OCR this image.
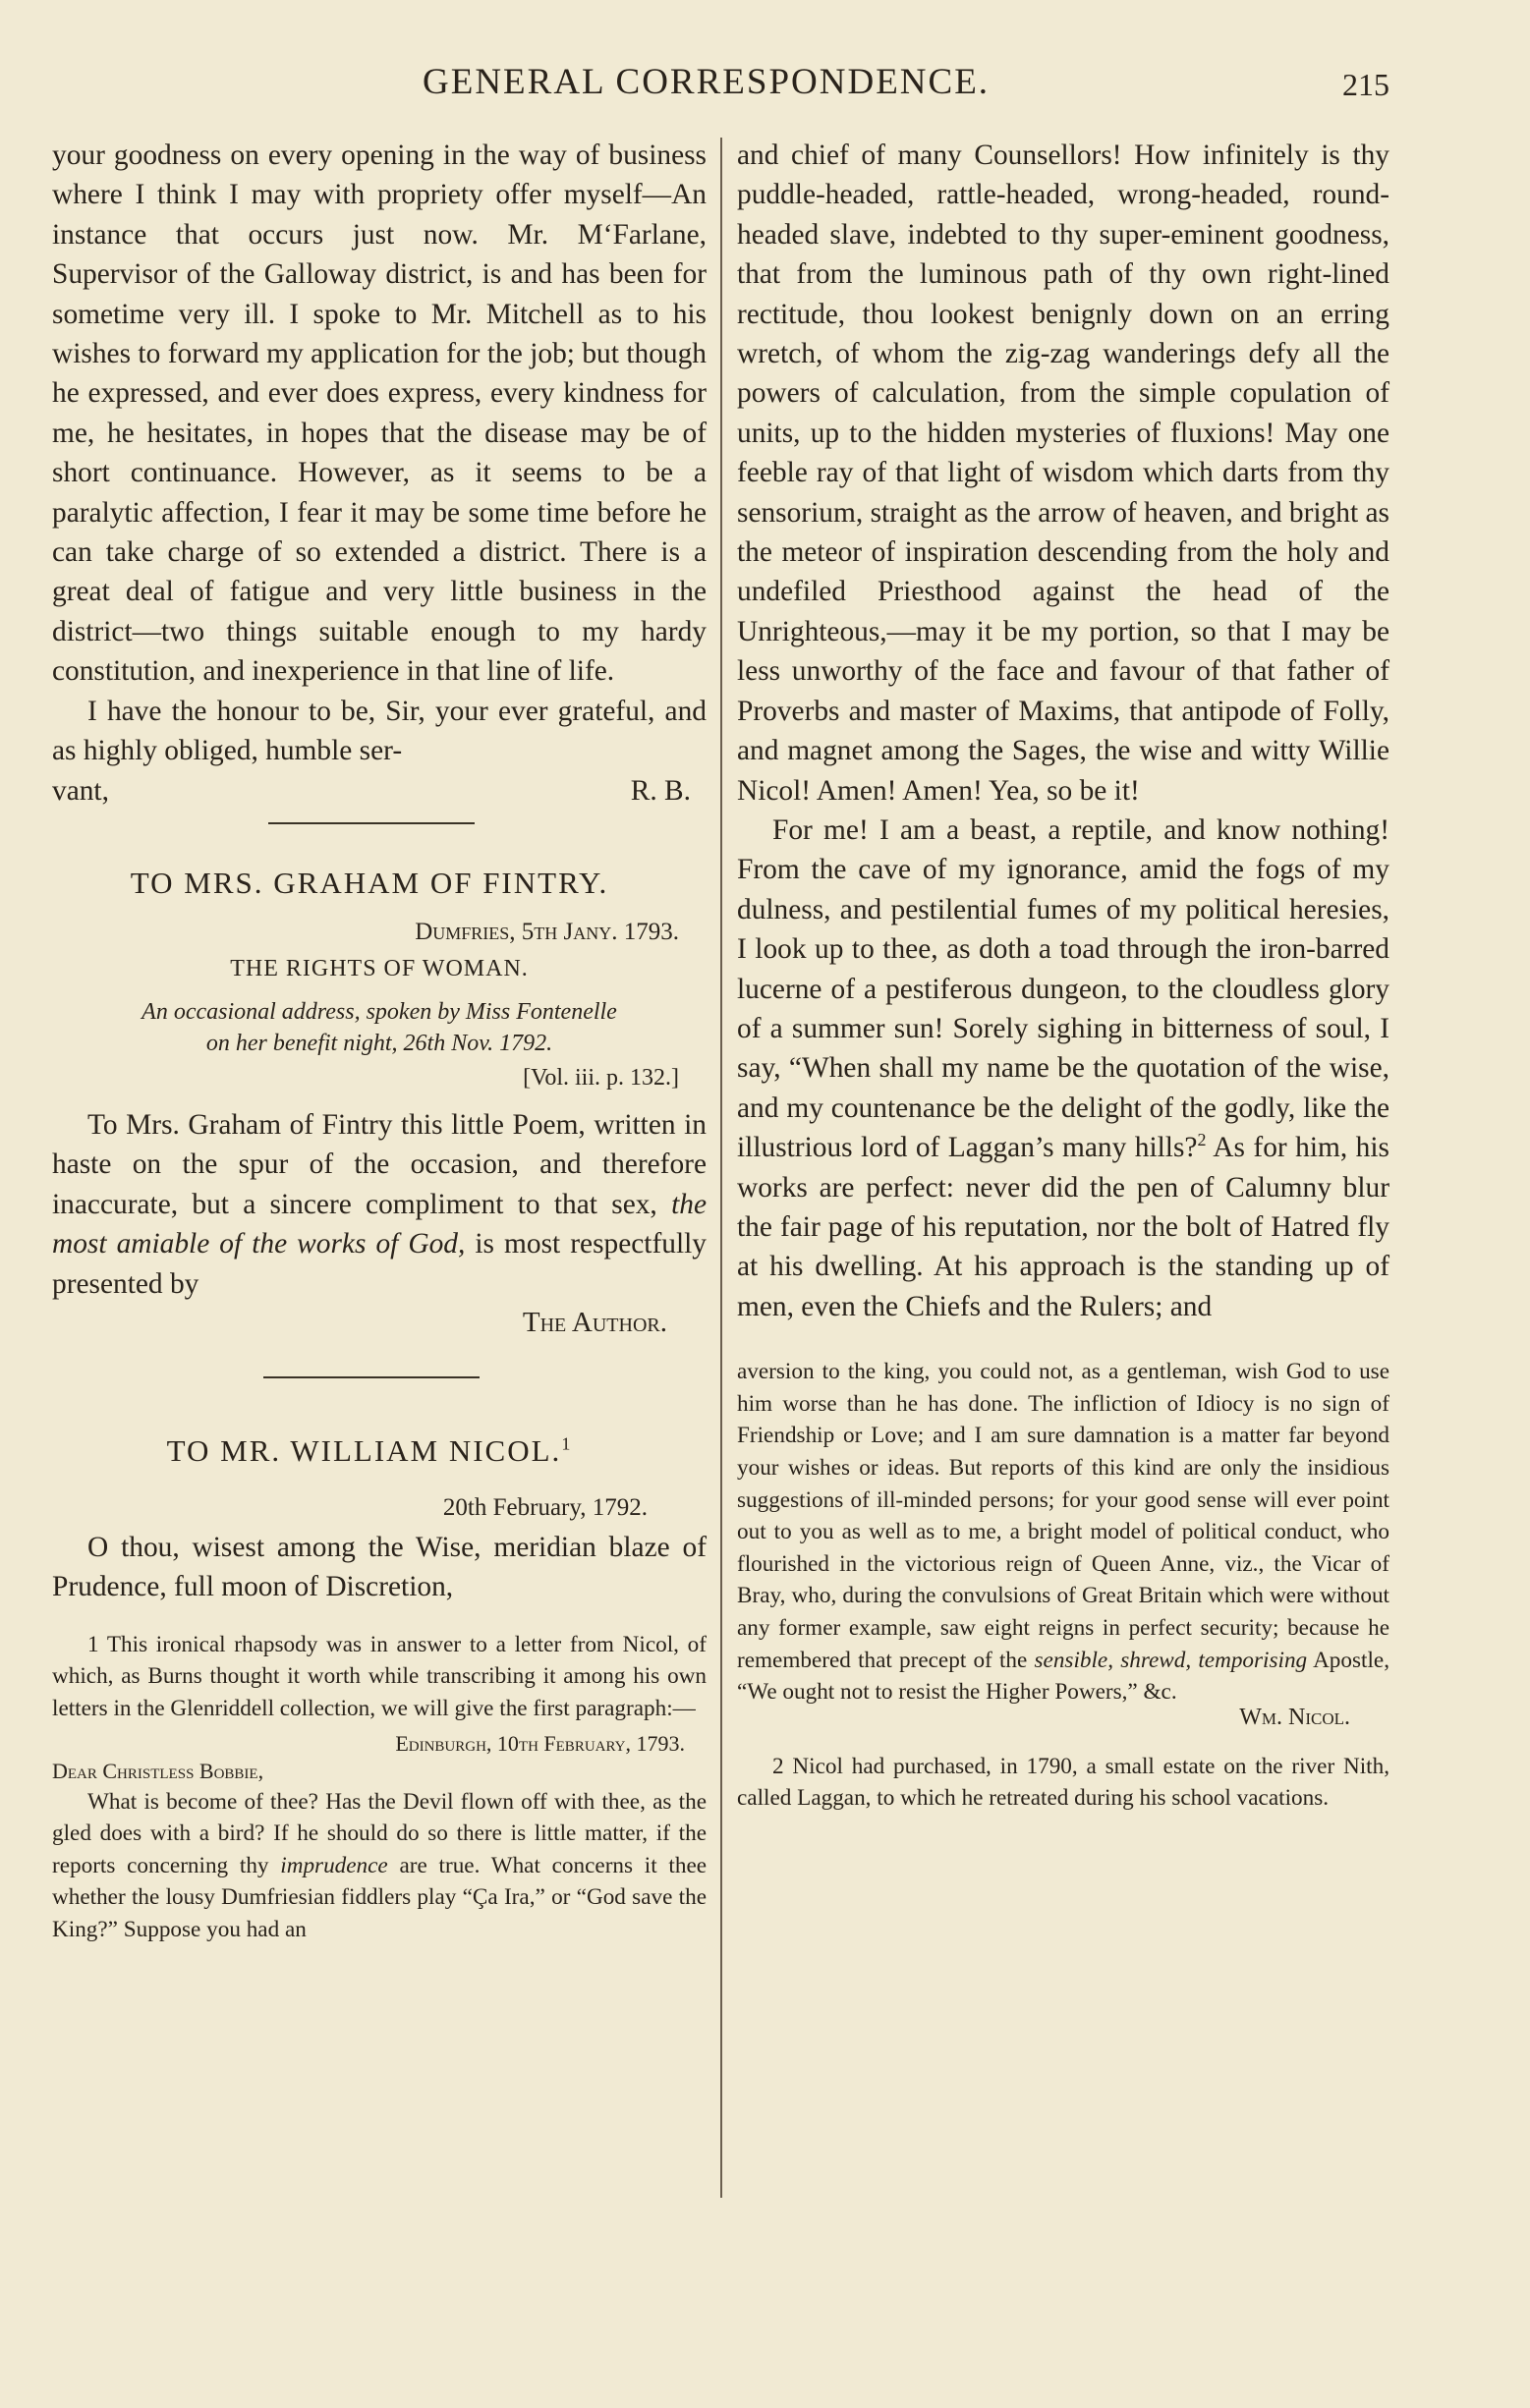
GENERAL CORRESPONDENCE.	215

your goodness on every opening in the way of business where I think I may with propriety offer myself—An instance that occurs just now. Mr. M‘Farlane, Supervisor of the Galloway district, is and has been for sometime very ill. I spoke to Mr. Mitchell as to his wishes to forward my application for the job; but though he expressed, and ever does express, every kindness for me, he hesitates, in hopes that the disease may be of short continuance. However, as it seems to be a paralytic affection, I fear it may be some time before he can take charge of so extended a district. There is a great deal of fatigue and very little business in the district—two things suitable enough to my hardy constitution, and inexperience in that line of life.

I have the honour to be, Sir, your ever grateful, and as highly obliged, humble ser-

vant,	R. B.
TO MRS. GRAHAM OF FINTRY.
Dumfries, 5th Jany. 1793.
THE RIGHTS OF WOMAN.
An occasional address, spoken by Miss Fontenelle
on her benefit night, 26th Nov. 1792.
[Vol. iii. p. 132.]

To Mrs. Graham of Fintry this little Poem, written in haste on the spur of the occasion, and therefore inaccurate, but a sincere compliment to that sex, the most amiable of the works of God, is most respectfully presented by

The Author.
TO MR. WILLIAM NICOL.$^1$
20th February, 1792.

O thou, wisest among the Wise, meridian blaze of Prudence, full moon of Discretion,

1 This ironical rhapsody was in answer to a letter from Nicol, of which, as Burns thought it worth while transcribing it among his own letters in the Glenriddell collection, we will give the first paragraph:—

Edinburgh, 10th February, 1793.
Dear Christless Bobbie,

What is become of thee? Has the Devil flown off with thee, as the gled does with a bird? If he should do so there is little matter, if the reports concerning thy imprudence are true. What concerns it thee whether the lousy Dumfriesian fiddlers play “Ça Ira,” or “God save the King?” Suppose you had an

and chief of many Counsellors! How infinitely is thy puddle-headed, rattle-headed, wrong-headed, round-headed slave, indebted to thy super-eminent goodness, that from the luminous path of thy own right-lined rectitude, thou lookest benignly down on an erring wretch, of whom the zig-zag wanderings defy all the powers of calculation, from the simple copulation of units, up to the hidden mysteries of fluxions! May one feeble ray of that light of wisdom which darts from thy sensorium, straight as the arrow of heaven, and bright as the meteor of inspiration descending from the holy and undefiled Priesthood against the head of the Unrighteous,—may it be my portion, so that I may be less unworthy of the face and favour of that father of Proverbs and master of Maxims, that antipode of Folly, and magnet among the Sages, the wise and witty Willie Nicol! Amen! Amen! Yea, so be it!

For me! I am a beast, a reptile, and know nothing! From the cave of my ignorance, amid the fogs of my dulness, and pestilential fumes of my political heresies, I look up to thee, as doth a toad through the iron-barred lucerne of a pestiferous dungeon, to the cloudless glory of a summer sun! Sorely sighing in bitterness of soul, I say, “When shall my name be the quotation of the wise, and my countenance be the delight of the godly, like the illustrious lord of Laggan’s many hills?$^2$ As for him, his works are perfect: never did the pen of Calumny blur the fair page of his reputation, nor the bolt of Hatred fly at his dwelling. At his approach is the standing up of men, even the Chiefs and the Rulers; and

aversion to the king, you could not, as a gentleman, wish God to use him worse than he has done. The infliction of Idiocy is no sign of Friendship or Love; and I am sure damnation is a matter far beyond your wishes or ideas. But reports of this kind are only the insidious suggestions of ill-minded persons; for your good sense will ever point out to you as well as to me, a bright model of political conduct, who flourished in the victorious reign of Queen Anne, viz., the Vicar of Bray, who, during the convulsions of Great Britain which were without any former example, saw eight reigns in perfect security; because he remembered that precept of the sensible, shrewd, temporising Apostle, “We ought not to resist the Higher Powers,” &c.

Wm. Nicol.

2 Nicol had purchased, in 1790, a small estate on the river Nith, called Laggan, to which he retreated during his school vacations.
